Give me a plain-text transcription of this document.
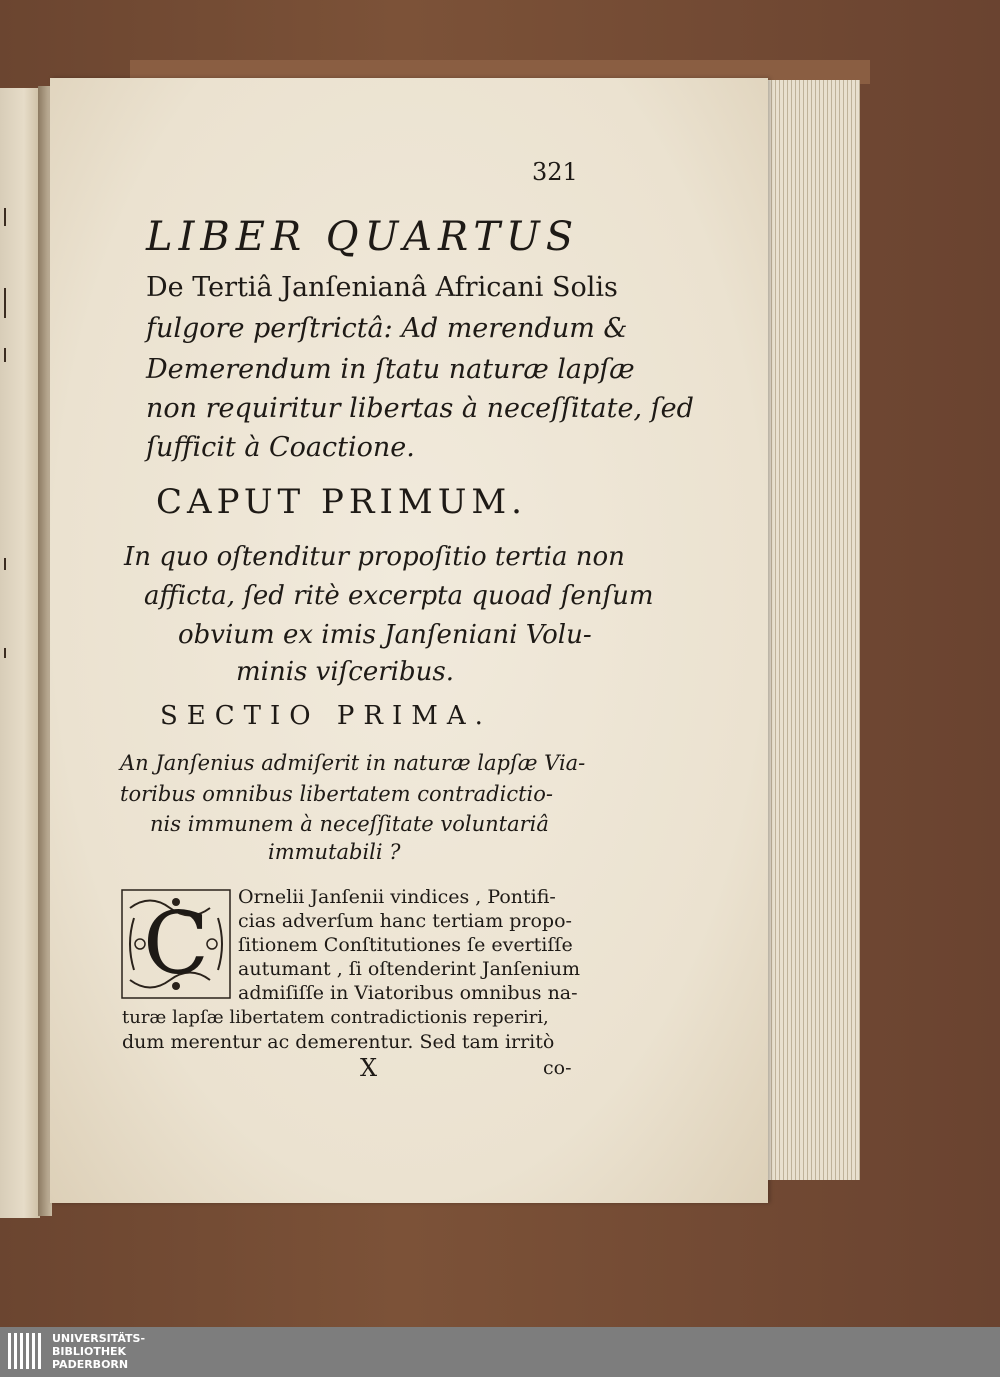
321
LIBER QUARTUS
De Tertiâ Janſenianâ Africani Solis
fulgore perſtrictâ: Ad merendum &
Demerendum in ſtatu naturæ lapſæ
non requiritur libertas à neceſſitate, ſed
ſufficit à Coactione.
CAPUT PRIMUM.
In quo oſtenditur propoſitio tertia non
afficta, ſed ritè excerpta quoad ſenſum
obvium ex imis Janſeniani Volu-
minis viſceribus.
SECTIO PRIMA.
An Janſenius admiſerit in naturæ lapſæ Via-
toribus omnibus libertatem contradictio-
nis immunem à neceſſitate voluntariâ
immutabili ?
C	Ornelii Janſenii vindices , Pontifi-
cias adverſum hanc tertiam propo-
ſitionem Conſtitutiones ſe evertiſſe
autumant , ſi oſtenderint Janſenium
admiſiſſe in Viatoribus omnibus na-
turæ lapſæ libertatem contradictionis reperiri,
dum merentur ac demerentur. Sed tam irritò
X	co-
UNIVERSITÄTS-
BIBLIOTHEK
PADERBORN
